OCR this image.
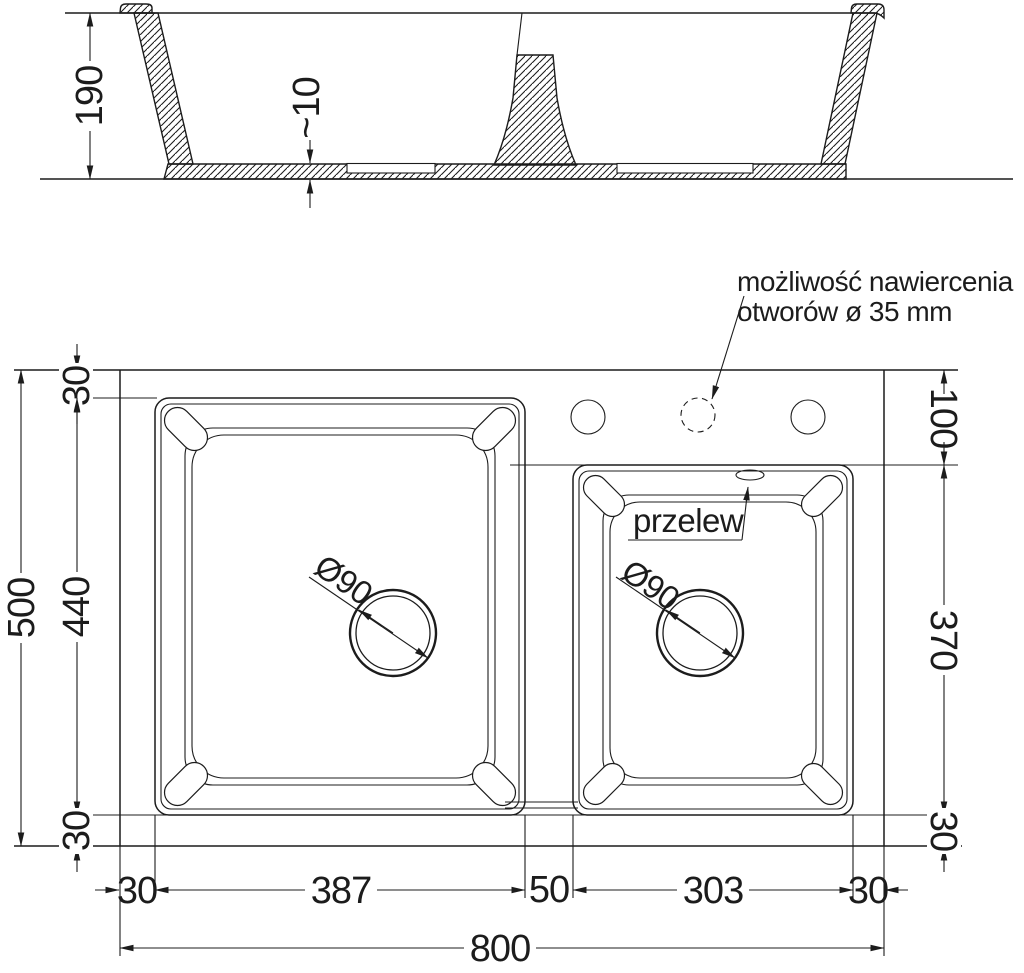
190	~10
przelew
możliwość nawiercenia
otworów ø 35 mm
Ø90	Ø90
500
30
440
30
100
370
30
30	387	50	303	30
800
